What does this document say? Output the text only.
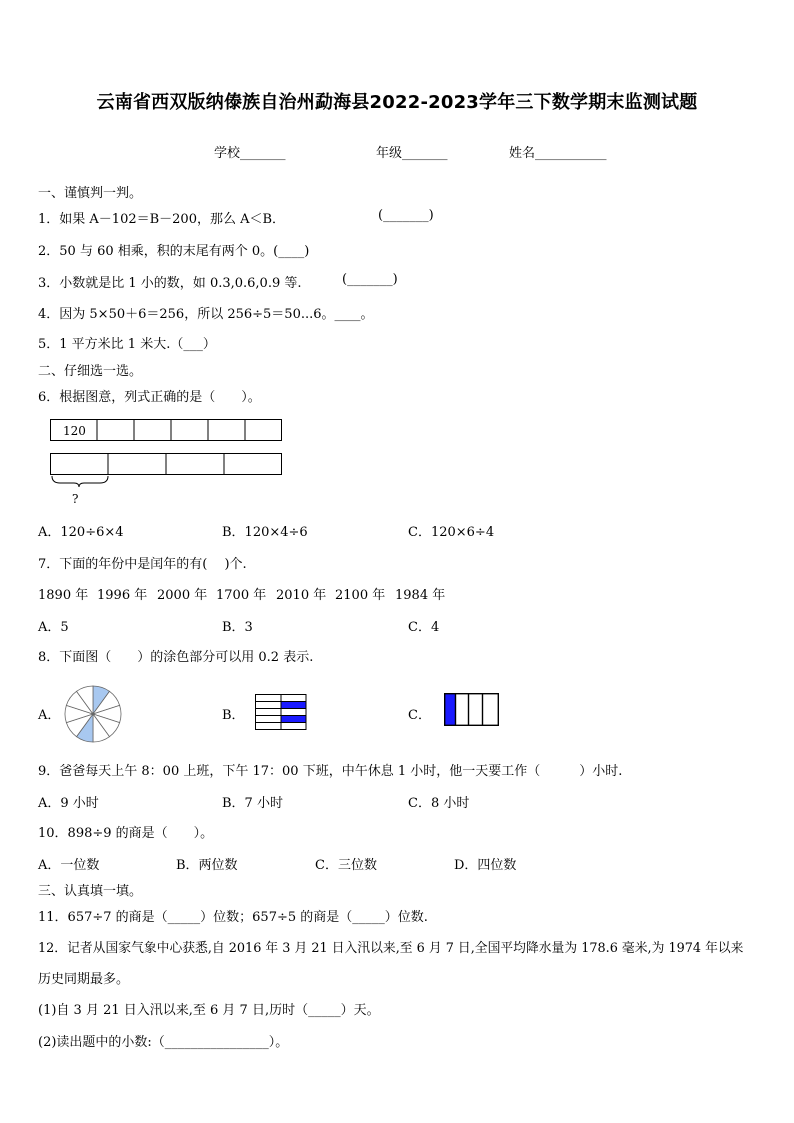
云南省西双版纳傣族自治州勐海县2022-2023学年三下数学期末监测试题
学校_______	年级_______	姓名___________
一、谨慎判一判。
1．如果 A－102＝B－200，那么 A＜B．	(_______)
2．50 与 60 相乘，积的末尾有两个 0。(____)
3．小数就是比 1 小的数，如 0.3,0.6,0.9 等.	(_______)
4．因为 5×50＋6＝256，所以 256÷5＝50...6。____。
5．1 平方米比 1 米大.（___）
二、仔细选一选。
6．根据图意，列式正确的是（　　）。
120
?
A．120÷6×4	B．120×4÷6	C．120×6÷4
7．下面的年份中是闰年的有(　 )个.
1890 年 1996 年 2000 年 1700 年 2010 年 2100 年 1984 年
A．5	B．3	C．4
8．下面图（　　）的涂色部分可以用 0.2 表示.
A．	B．	C．
9．爸爸每天上午 8：00 上班，下午 17：00 下班，中午休息 1 小时，他一天要工作（　　　）小时.
A．9 小时	B．7 小时	C．8 小时
10．898÷9 的商是（　　）。
A．一位数	B．两位数	C．三位数	D．四位数
三、认真填一填。
11．657÷7 的商是（_____）位数；657÷5 的商是（_____）位数.
12．记者从国家气象中心获悉,自 2016 年 3 月 21 日入汛以来,至 6 月 7 日,全国平均降水量为 178.6 毫米,为 1974 年以来
历史同期最多。
(1)自 3 月 21 日入汛以来,至 6 月 7 日,历时（_____）天。
(2)读出题中的小数:（________________）。
